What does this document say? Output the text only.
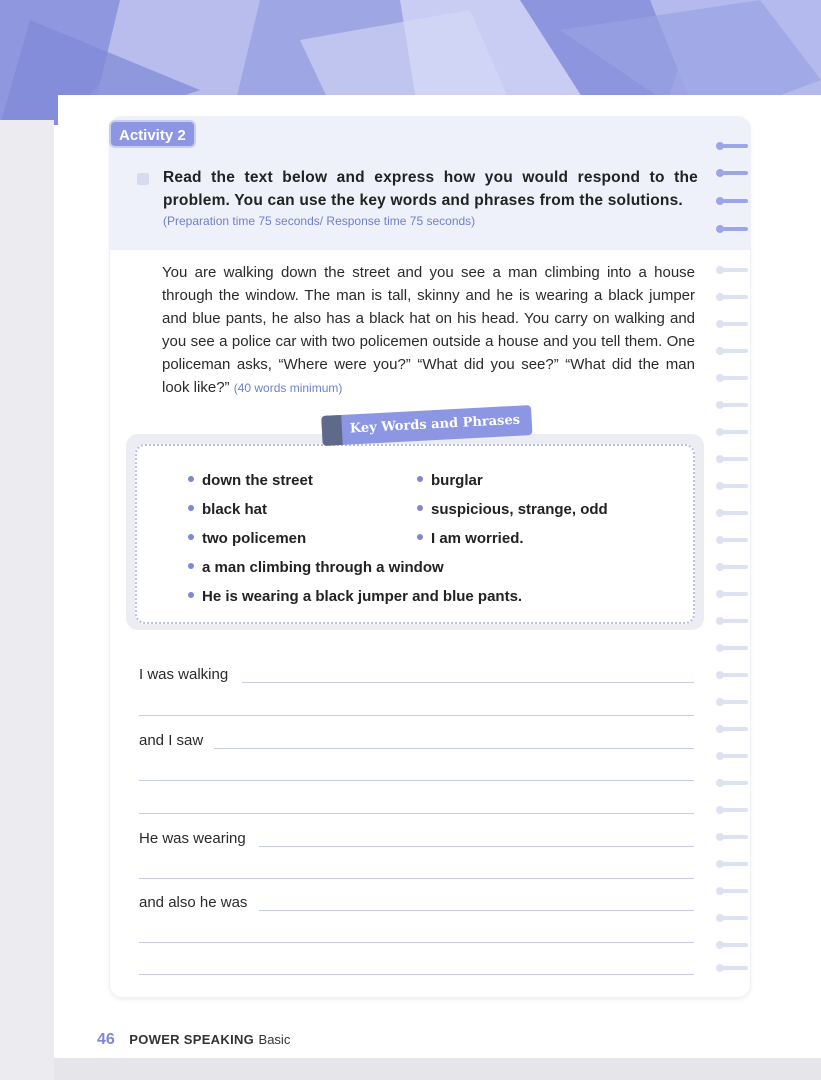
Activity 2
Read the text below and express how you would respond to the problem. You can use the key words and phrases from the solutions.
(Preparation time 75 seconds/ Response time 75 seconds)
You are walking down the street and you see a man climbing into a house through the window. The man is tall, skinny and he is wearing a black jumper and blue pants, he also has a black hat on his head. You carry on walking and you see a police car with two policemen outside a house and you tell them. One policeman asks, “Where were you?” “What did you see?” “What did the man look like?” (40 words minimum)
Key Words and Phrases
down the street	burglar
black hat	suspicious, strange, odd
two policemen	I am worried.
a man climbing through a window
He is wearing a black jumper and blue pants.
I was walking
and I saw
He was wearing
and also he was
46 POWER SPEAKING Basic
